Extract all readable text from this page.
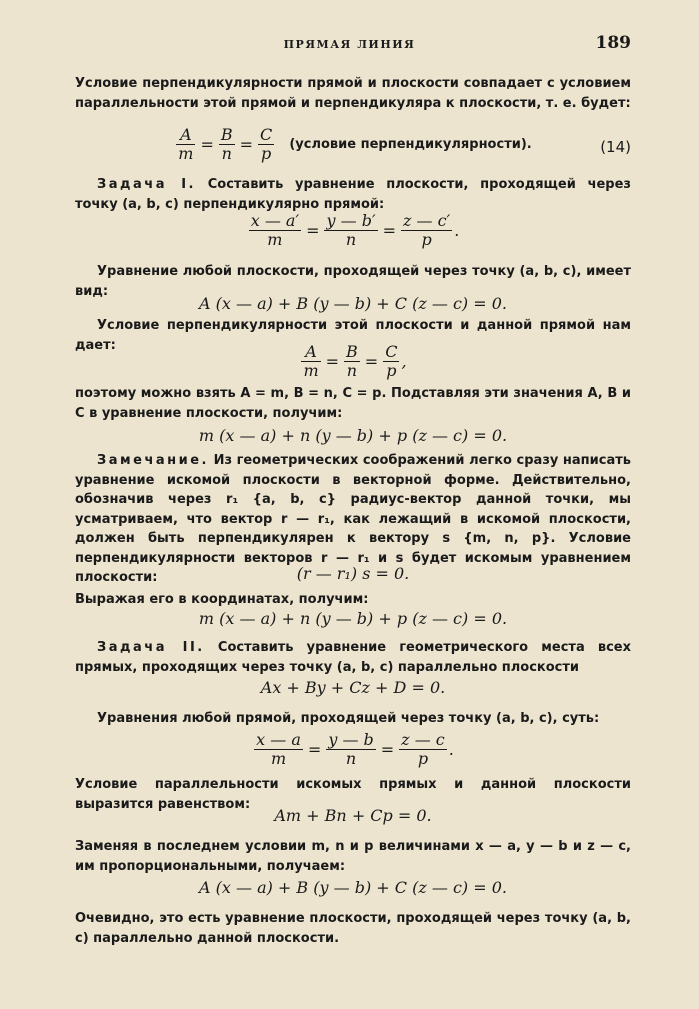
ПРЯМАЯ ЛИНИЯ	189
Условие перпендикулярности прямой и плоскости совпадает с условием параллельности этой прямой и перпендикуляра к плоскости, т. е. будет:
$\frac{A}{m} = \frac{B}{n} = \frac{C}{p}$ (условие перпендикулярности).	(14)
Задача I. Составить уравнение плоскости, проходящей через точку (a, b, c) перпендикулярно прямой:
$\frac{x — a'}{m} = \frac{y — b'}{n} = \frac{z — c'}{p}$ .
Уравнение любой плоскости, проходящей через точку (a, b, c), имеет вид:
A (x — a) + B (y — b) + C (z — c) = 0.
Условие перпендикулярности этой плоскости и данной прямой нам дает:	$\frac{A}{m} = \frac{B}{n} = \frac{C}{p}$ ,
поэтому можно взять A = m, B = n, C = p. Подставляя эти значения A, B и C в уравнение плоскости, получим:
m (x — a) + n (y — b) + p (z — c) = 0.
Замечание. Из геометрических соображений легко сразу написать уравнение искомой плоскости в векторной форме. Действительно, обозначив через r₁ {a, b, c} радиус-вектор данной точки, мы усматриваем, что вектор r — r₁, как лежащий в искомой плоскости, должен быть перпендикулярен к вектору s {m, n, p}. Условие перпендикулярности векторов r — r₁ и s будет искомым уравнением плоскости:	(r — r₁) s = 0.
Выражая его в координатах, получим:
m (x — a) + n (y — b) + p (z — c) = 0.
Задача II. Составить уравнение геометрического места всех прямых, проходящих через точку (a, b, c) параллельно плоскости
Ax + By + Cz + D = 0.
Уравнения любой прямой, проходящей через точку (a, b, c), суть:
$\frac{x — a}{m} = \frac{y — b}{n} = \frac{z — c}{p}$ .
Условие параллельности искомых прямых и данной плоскости выразится равенством:
Am + Bn + Cp = 0.
Заменяя в последнем условии m, n и p величинами x — a, y — b и z — c, им пропорциональными, получаем:
A (x — a) + B (y — b) + C (z — c) = 0.
Очевидно, это есть уравнение плоскости, проходящей через точку (a, b, c) параллельно данной плоскости.
